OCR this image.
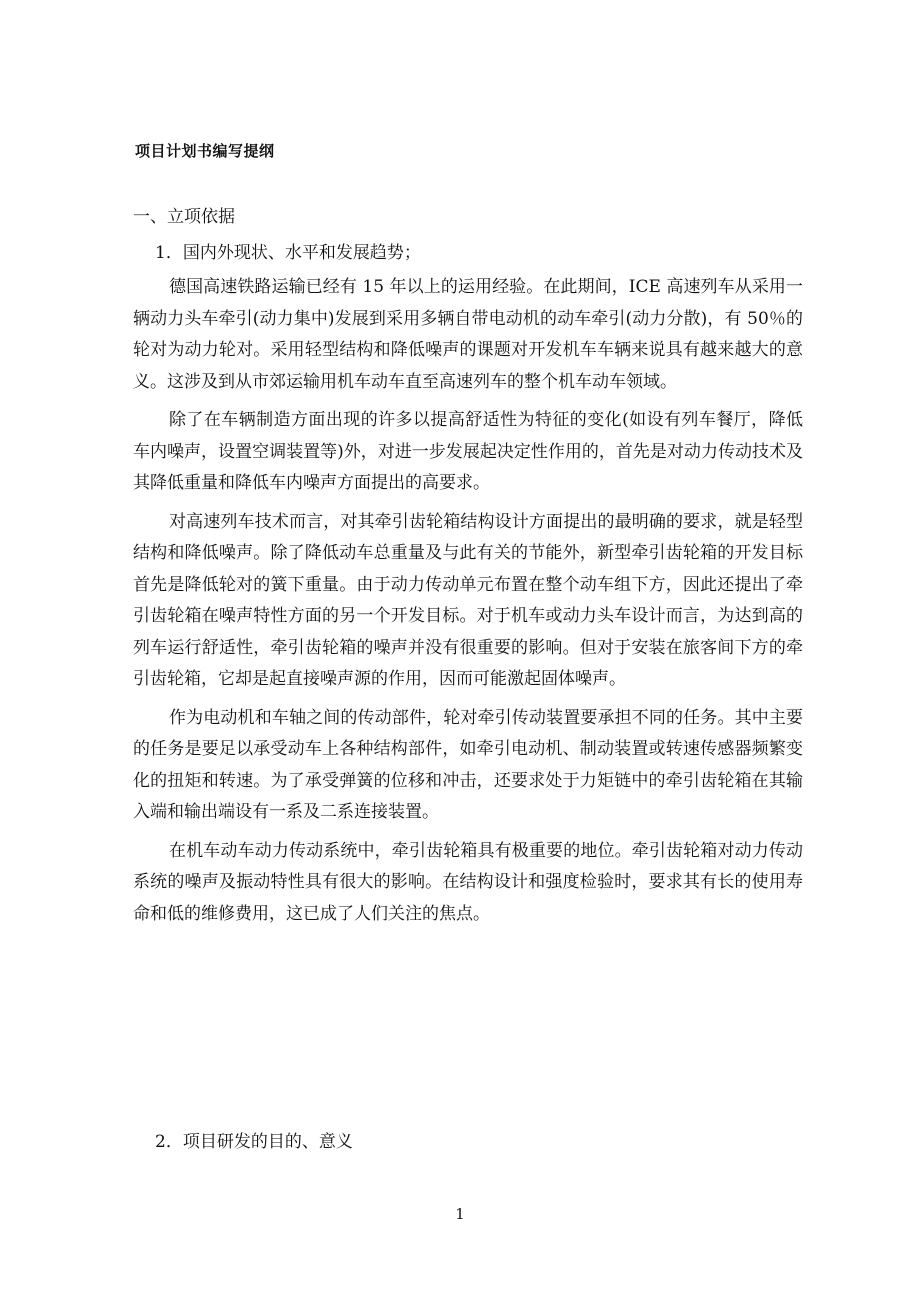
项目计划书编写提纲
一、立项依据
1．国内外现状、水平和发展趋势；

德国高速铁路运输已经有 15 年以上的运用经验。在此期间，ICE 高速列车从采用一辆动力头车牵引(动力集中)发展到采用多辆自带电动机的动车牵引(动力分散)，有 50％的轮对为动力轮对。采用轻型结构和降低噪声的课题对开发机车车辆来说具有越来越大的意义。这涉及到从市郊运输用机车动车直至高速列车的整个机车动车领域。

除了在车辆制造方面出现的许多以提高舒适性为特征的变化(如设有列车餐厅，降低车内噪声，设置空调装置等)外，对进一步发展起决定性作用的，首先是对动力传动技术及其降低重量和降低车内噪声方面提出的高要求。

对高速列车技术而言，对其牵引齿轮箱结构设计方面提出的最明确的要求，就是轻型结构和降低噪声。除了降低动车总重量及与此有关的节能外，新型牵引齿轮箱的开发目标首先是降低轮对的簧下重量。由于动力传动单元布置在整个动车组下方，因此还提出了牵引齿轮箱在噪声特性方面的另一个开发目标。对于机车或动力头车设计而言，为达到高的列车运行舒适性，牵引齿轮箱的噪声并没有很重要的影响。但对于安装在旅客间下方的牵引齿轮箱，它却是起直接噪声源的作用，因而可能激起固体噪声。

作为电动机和车轴之间的传动部件，轮对牵引传动装置要承担不同的任务。其中主要的任务是要足以承受动车上各种结构部件，如牵引电动机、制动装置或转速传感器频繁变化的扭矩和转速。为了承受弹簧的位移和冲击，还要求处于力矩链中的牵引齿轮箱在其输入端和输出端设有一系及二系连接装置。

在机车动车动力传动系统中，牵引齿轮箱具有极重要的地位。牵引齿轮箱对动力传动系统的噪声及振动特性具有很大的影响。在结构设计和强度检验时，要求其有长的使用寿命和低的维修费用，这已成了人们关注的焦点。

2．项目研发的目的、意义
1
